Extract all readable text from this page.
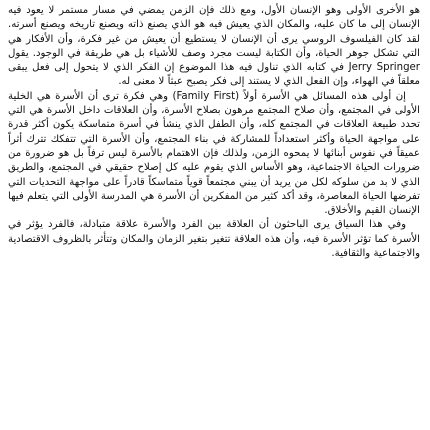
هو الأخرى الأولى وهو الإنسان الأول، ومع ذلك فإن الزمن يمضي في مسار مستمر لا يعود فيه الإنسان إلى ما كان عليه، والمكان الذي يعيش فيه هو الذي يصنع ذاته ويصنع تاريخه ويصنع أسرته. لقد كان الفيلسوف الروسي يرى أن الإنسان لا يستطيع أن يعيش من غير فكرة، وأن الأفكار هي التي تشكل جوهر الحياة، وأن الكتابة ليست مجرد وصف للأشياء بل هي طريقة في الوجود. يقول Jerry Springer في كتابه الذي تناول فيه هذا الموضوع إن الفكر الذي لا يتحول إلى فعل يبقى معلقاً في الهواء، وإن الفعل الذي لا يستند إلى فكر يصبح عبثاً لا معنى له.

إن أولى هذه المسائل هي الأسرة أولاً (Family First) وهي فكرة ترى أن الأسرة هي الخلية الأولى في المجتمع، وأن صلاح المجتمع مرهون بصلاح الأسرة، وأن العلاقات داخل الأسرة هي التي تحدد طبيعة العلاقات في المجتمع كله، وأن الطفل الذي ينشأ في أسرة متماسكة يكون أكثر قدرة على مواجهة الحياة وأكثر استعداداً للمشاركة في بناء المجتمع، وأن الأسرة التي تتفكك تترك أثراً عميقاً في نفوس أبنائها لا يمحوه الزمن، ولذلك فإن الاهتمام بالأسرة ليس ترفاً بل هو ضرورة من ضرورات الحياة الاجتماعية، وهو الأساس الذي يقوم عليه كل إصلاح حقيقي في المجتمع، والطريق الذي لا بد من سلوكه لكل من يريد أن يبني مجتمعاً قوياً متماسكاً قادراً على مواجهة التحديات التي تفرضها الحياة المعاصرة، وقد أكد كثير من المفكرين أن الأسرة هي المدرسة الأولى التي يتعلم فيها الإنسان القيم والأخلاق.

وفي هذا السياق يرى الباحثون أن العلاقة بين الفرد والأسرة علاقة متبادلة، فالفرد يؤثر في الأسرة كما تؤثر الأسرة فيه، وأن هذه العلاقة تتغير بتغير الزمان والمكان وتتأثر بالظروف الاقتصادية والاجتماعية والثقافية.
